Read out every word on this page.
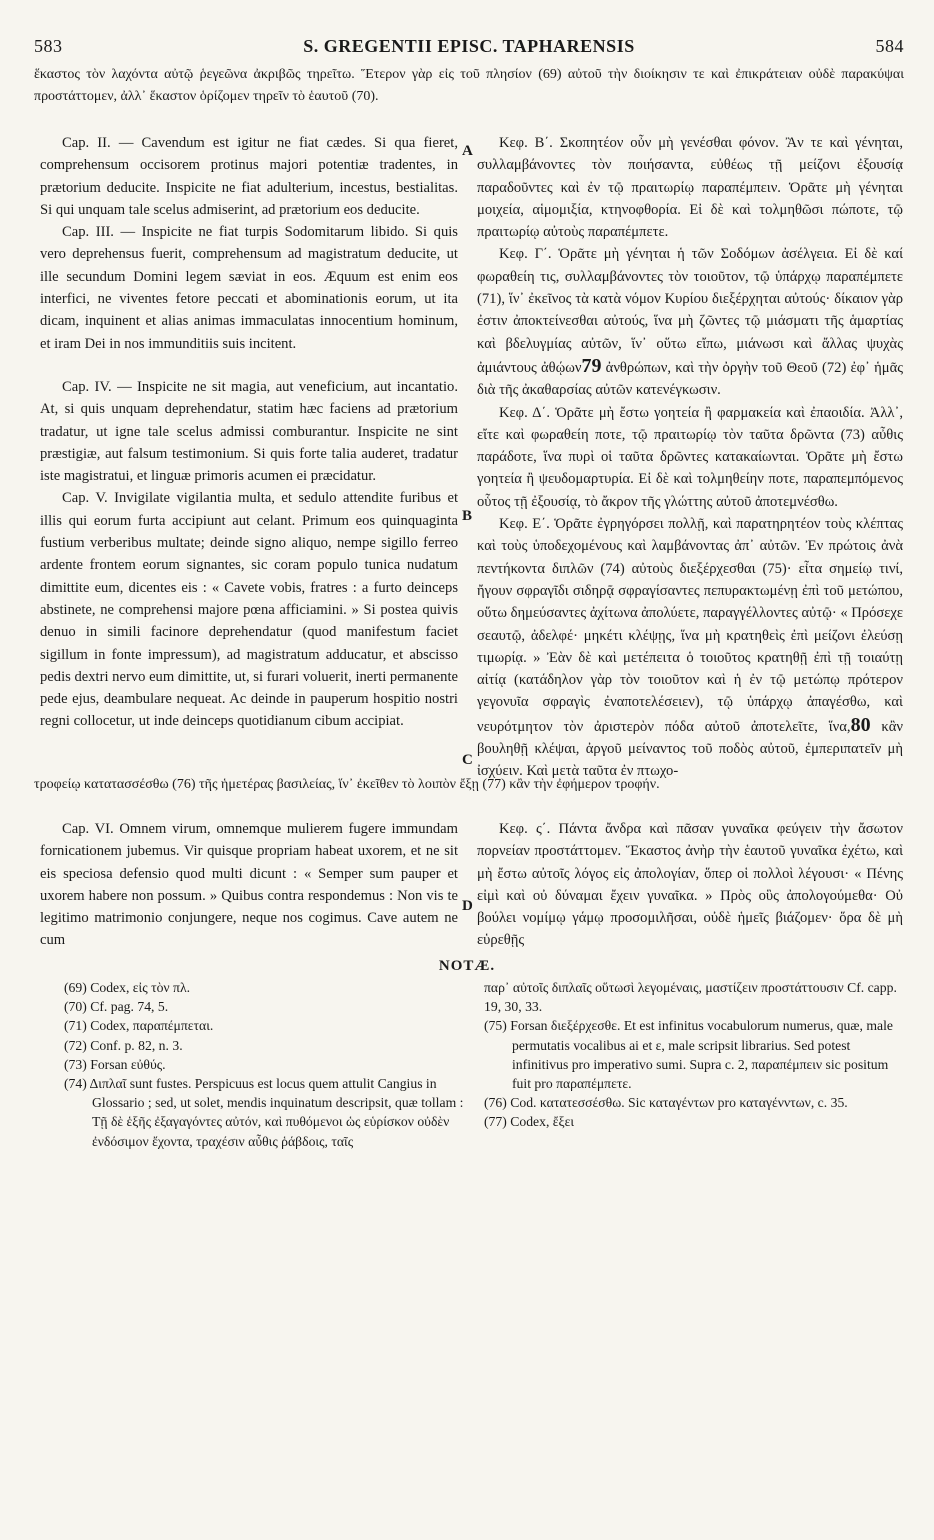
583	S. GREGENTII EPISC. TAPHARENSIS	584

ἕκαστος τὸν λαχόντα αὐτῷ ῥεγεῶνα ἀκριβῶς τηρεῖτω. Ἕτερον γὰρ εἰς τοῦ πλησίον (69) αὐτοῦ τὴν διοίκησιν τε καὶ ἐπικράτειαν οὐδὲ παρακύψαι προστάττομεν, ἀλλ᾽ ἕκαστον ὁρίζομεν τηρεῖν τὸ ἑαυτοῦ (70).

Cap. II. — Cavendum est igitur ne fiat cædes. Si qua fieret, comprehensum occisorem protinus majori potentiæ tradentes, in prætorium deducite. Inspicite ne fiat adulterium, incestus, bestialitas. Si qui unquam tale scelus admiserint, ad prætorium eos deducite.

Cap. III. — Inspicite ne fiat turpis Sodomitarum libido. Si quis vero deprehensus fuerit, comprehensum ad magistratum deducite, ut ille secundum Domini legem sæviat in eos. Æquum est enim eos interfici, ne viventes fetore peccati et abominationis eorum, ut ita dicam, inquinent et alias animas immaculatas innocentium hominum, et iram Dei in nos immunditiis suis incitent.

Cap. IV. — Inspicite ne sit magia, aut veneficium, aut incantatio. At, si quis unquam deprehendatur, statim hæc faciens ad prætorium tradatur, ut igne tale scelus admissi comburantur. Inspicite ne sint præstigiæ, aut falsum testimonium. Si quis forte talia auderet, tradatur iste magistratui, et linguæ primoris acumen ei præcidatur.

Cap. V. Invigilate vigilantia multa, et sedulo attendite furibus et illis qui eorum furta accipiunt aut celant. Primum eos quinquaginta fustium verberibus multate; deinde signo aliquo, nempe sigillo ferreo ardente frontem eorum signantes, sic coram populo tunica nudatum dimittite eum, dicentes eis : « Cavete vobis, fratres : a furto deinceps abstinete, ne comprehensi majore pœna afficiamini. » Si postea quivis denuo in simili facinore deprehendatur (quod manifestum faciet sigillum in fonte impressum), ad magistratum adducatur, et abscisso pedis dextri nervo eum dimittite, ut, si furari voluerit, inerti permanente pede ejus, deambulare nequeat. Ac deinde in pauperum hospitio nostri regni collocetur, ut inde deinceps quotidianum cibum accipiat.

Κεφ. Β΄. Σκοπητέον οὖν μὴ γενέσθαι φόνον. Ἂν τε καὶ γένηται, συλλαμβάνοντες τὸν ποιήσαντα, εὐθέως τῇ μείζονι ἐξουσίᾳ παραδοῦντες καὶ ἐν τῷ πραιτωρίῳ παραπέμπειν. Ὁρᾶτε μὴ γένηται μοιχεία, αἱμομιξία, κτηνοφθορία. Εἰ δὲ καὶ τολμηθῶσι πώποτε, τῷ πραιτωρίῳ αὐτοὺς παραπέμπετε.

Κεφ. Γ΄. Ὁρᾶτε μὴ γένηται ἡ τῶν Σοδόμων ἀσέλγεια. Εἰ δὲ καί φωραθείη τις, συλλαμβάνοντες τὸν τοιοῦτον, τῷ ὑπάρχῳ παραπέμπετε (71), ἵν᾽ ἐκεῖνος τὰ κατὰ νόμον Κυρίου διεξέρχηται αὐτούς· δίκαιον γὰρ ἐστιν ἀποκτείνεσθαι αὐτούς, ἵνα μὴ ζῶντες τῷ μιάσματι τῆς ἁμαρτίας καὶ βδελυγμίας αὐτῶν, ἵν᾽ οὕτω εἴπω, μιάνωσι καὶ ἄλλας ψυχὰς ἀμιάντους ἀθῴων79 ἀνθρώπων, καὶ τὴν ὀργὴν τοῦ Θεοῦ (72) ἐφ᾽ ἡμᾶς διὰ τῆς ἀκαθαρσίας αὐτῶν κατενέγκωσιν.

Κεφ. Δ΄. Ὁρᾶτε μὴ ἔστω γοητεία ἢ φαρμακεία καὶ ἐπαοιδία. Ἀλλ᾽, εἴτε καὶ φωραθείη ποτε, τῷ πραιτωρίῳ τὸν ταῦτα δρῶντα (73) αὖθις παράδοτε, ἵνα πυρὶ οἱ ταῦτα δρῶντες κατακαίωνται. Ὁρᾶτε μὴ ἔστω γοητεία ἢ ψευδομαρτυρία. Εἰ δὲ καὶ τολμηθείην ποτε, παραπεμπόμενος οὗτος τῇ ἐξουσίᾳ, τὸ ἄκρον τῆς γλώττης αὐτοῦ ἀποτεμνέσθω.

Κεφ. Ε΄. Ὁρᾶτε ἐγρηγόρσει πολλῇ, καὶ παρατηρητέον τοὺς κλέπτας καὶ τοὺς ὑποδεχομένους καὶ λαμβάνοντας ἀπ᾽ αὐτῶν. Ἐν πρώτοις ἀνὰ πεντήκοντα διπλῶν (74) αὐτοὺς διεξέρχεσθαι (75)· εἶτα σημείῳ τινί, ἤγουν σφραγῖδι σιδηρᾷ σφραγίσαντες πεπυρακτωμένῃ ἐπὶ τοῦ μετώπου, οὕτω δημεύσαντες ἀχίτωνα ἀπολύετε, παραγγέλλοντες αὐτῷ· « Πρόσεχε σεαυτῷ, ἀδελφέ· μηκέτι κλέψῃς, ἵνα μὴ κρατηθεὶς ἐπὶ μείζονι ἐλεύσῃ τιμωρίᾳ. » Ἐὰν δὲ καὶ μετέπειτα ὁ τοιοῦτος κρατηθῇ ἐπὶ τῇ τοιαύτῃ αἰτίᾳ (κατάδηλον γὰρ τὸν τοιοῦτον καὶ ἡ ἐν τῷ μετώπῳ πρότερον γεγονυῖα σφραγὶς ἐναποτελέσειεν), τῷ ὑπάρχῳ ἀπαγέσθω, καὶ νευρότμητον τὸν ἀριστερὸν πόδα αὐτοῦ ἀποτελεῖτε, ἵνα,80 κἂν βουληθῇ κλέψαι, ἀργοῦ μείναντος τοῦ ποδὸς αὐτοῦ, ἐμπεριπατεῖν μὴ ἰσχύειν. Καὶ μετὰ ταῦτα ἐν πτωχο-

A
B
C
D

τροφείῳ κατατασσέσθω (76) τῆς ἡμετέρας βασιλείας, ἵν᾽ ἐκεῖθεν τὸ λοιπὸν ἔξῃ (77) κἂν τὴν ἐφήμερον τροφήν.

Cap. VI. Omnem virum, omnemque mulierem fugere immundam fornicationem jubemus. Vir quisque propriam habeat uxorem, et ne sit eis speciosa defensio quod multi dicunt : « Semper sum pauper et uxorem habere non possum. » Quibus contra respondemus : Non vis te legitimo matrimonio conjungere, neque nos cogimus. Cave autem ne cum

Κεφ. ς΄. Πάντα ἄνδρα καὶ πᾶσαν γυναῖκα φεύγειν τὴν ἄσωτον πορνείαν προστάττομεν. Ἕκαστος ἀνὴρ τὴν ἑαυτοῦ γυναῖκα ἐχέτω, καὶ μὴ ἔστω αὐτοῖς λόγος εἰς ἀπολογίαν, ὅπερ οἱ πολλοὶ λέγουσι· « Πένης εἰμὶ καὶ οὐ δύναμαι ἔχειν γυναῖκα. » Πρὸς οὓς ἀπολογούμεθα· Οὐ βούλει νομίμῳ γάμῳ προσομιλῆσαι, οὐδὲ ἡμεῖς βιάζομεν· ὅρα δὲ μὴ εὑρεθῇς

NOTÆ.
(69) Codex, εἰς τὸν πλ.
(70) Cf. pag. 74, 5.
(71) Codex, παραπέμπεται.
(72) Conf. p. 82, n. 3.
(73) Forsan εὐθύς.
(74) Διπλαῖ sunt fustes. Perspicuus est locus quem attulit Cangius in Glossario ; sed, ut solet, mendis inquinatum descripsit, quæ tollam : Τῇ δὲ ἑξῆς ἐξαγαγόντες αὐτόν, καὶ πυθόμενοι ὡς εὑρίσκον οὐδὲν ἐνδόσιμον ἔχοντα, τραχέσιν αὖθις ῥάβδοις, ταῖς
παρ᾽ αὐτοῖς διπλαῖς οὕτωσὶ λεγομέναις, μαστίζειν προστάττουσιν Cf. capp. 19, 30, 33.
(75) Forsan διεξέρχεσθε. Et est infinitus vocabulorum numerus, quæ, male permutatis vocalibus ai et ε, male scripsit librarius. Sed potest infinitivus pro imperativo sumi. Supra c. 2, παραπέμπειν sic positum fuit pro παραπέμπετε.
(76) Cod. κατατεσσέσθω. Sic καταγέντων pro καταγένντων, c. 35.
(77) Codex, ἔξει
